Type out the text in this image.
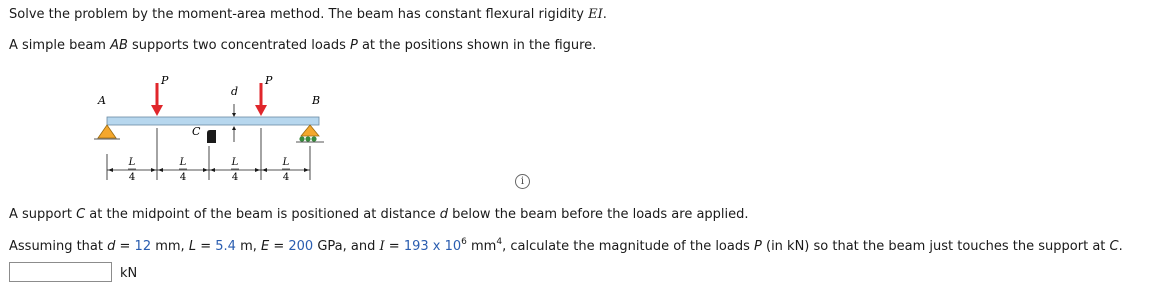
Solve the problem by the moment-area method. The beam has constant flexural rigidity EI.
A simple beam AB supports two concentrated loads P at the positions shown in the figure.
C
d
P	P
A	B
L
4
L
4
L
4
L
4	i
A support C at the midpoint of the beam is positioned at distance d below the beam before the loads are applied.
Assuming that d = 12 mm, L = 5.4 m, E = 200 GPa, and I = 193 x $10^6$ $mm^4$, calculate the magnitude of the loads P (in kN) so that the beam just touches the support at C.
kN
